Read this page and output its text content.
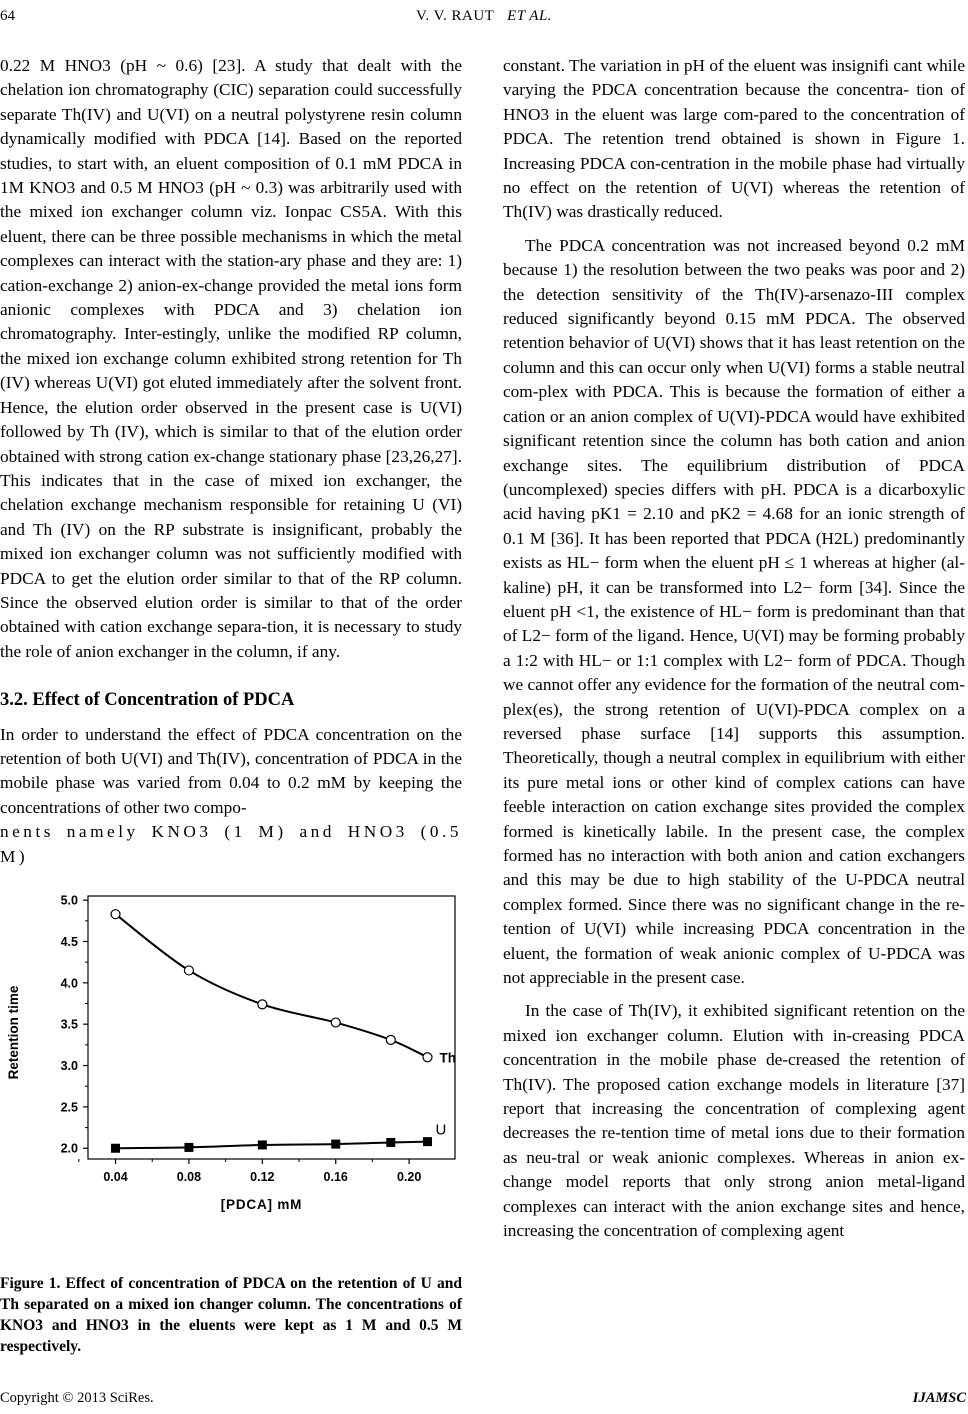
64	V. V. RAUT ET AL.

0.22 M HNO3 (pH ~ 0.6) [23]. A study that dealt with the chelation ion chromatography (CIC) separation could successfully separate Th(IV) and U(VI) on a neutral polystyrene resin column dynamically modified with PDCA [14]. Based on the reported studies, to start with, an eluent composition of 0.1 mM PDCA in 1M KNO3 and 0.5 M HNO3 (pH ~ 0.3) was arbitrarily used with the mixed ion exchanger column viz. Ionpac CS5A. With this eluent, there can be three possible mechanisms in which the metal complexes can interact with the station-ary phase and they are: 1) cation-exchange 2) anion-ex-change provided the metal ions form anionic complexes with PDCA and 3) chelation ion chromatography. Inter-estingly, unlike the modified RP column, the mixed ion exchange column exhibited strong retention for Th (IV) whereas U(VI) got eluted immediately after the solvent front. Hence, the elution order observed in the present case is U(VI) followed by Th (IV), which is similar to that of the elution order obtained with strong cation ex-change stationary phase [23,26,27]. This indicates that in the case of mixed ion exchanger, the chelation exchange mechanism responsible for retaining U (VI) and Th (IV) on the RP substrate is insignificant, probably the mixed ion exchanger column was not sufficiently modified with PDCA to get the elution order similar to that of the RP column. Since the observed elution order is similar to that of the order obtained with cation exchange separa-tion, it is necessary to study the role of anion exchanger in the column, if any.

3.2. Effect of Concentration of PDCA

In order to understand the effect of PDCA concentration on the retention of both U(VI) and Th(IV), concentration of PDCA in the mobile phase was varied from 0.04 to 0.2 mM by keeping the concentrations of other two compo-

nents namely KNO3 (1 M) and HNO3 (0.5 M)

2.0
2.5
3.0
3.5
4.0
4.5
5.0
0.04	0.08	0.12	0.16	0.20
[PDCA] mM
Retention time	Th
U
Figure 1. Effect of concentration of PDCA on the retention of U and Th separated on a mixed ion changer column. The concentrations of KNO3 and HNO3 in the eluents were kept as 1 M and 0.5 M respectively.

constant. The variation in pH of the eluent was insignifi cant while varying the PDCA concentration because the concentra- tion of HNO3 in the eluent was large com-pared to the concentration of PDCA. The retention trend obtained is shown in Figure 1. Increasing PDCA con-centration in the mobile phase had virtually no effect on the retention of U(VI) whereas the retention of Th(IV) was drastically reduced.

The PDCA concentration was not increased beyond 0.2 mM because 1) the resolution between the two peaks was poor and 2) the detection sensitivity of the Th(IV)-arsenazo-III complex reduced significantly beyond 0.15 mM PDCA. The observed retention behavior of U(VI) shows that it has least retention on the column and this can occur only when U(VI) forms a stable neutral com-plex with PDCA. This is because the formation of either a cation or an anion complex of U(VI)-PDCA would have exhibited significant retention since the column has both cation and anion exchange sites. The equilibrium distribution of PDCA (uncomplexed) species differs with pH. PDCA is a dicarboxylic acid having pK1 = 2.10 and pK2 = 4.68 for an ionic strength of 0.1 M [36]. It has been reported that PDCA (H2L) predominantly exists as HL− form when the eluent pH ≤ 1 whereas at higher (al-kaline) pH, it can be transformed into L2− form [34]. Since the eluent pH <1, the existence of HL− form is predominant than that of L2− form of the ligand. Hence, U(VI) may be forming probably a 1:2 with HL− or 1:1 complex with L2− form of PDCA. Though we cannot offer any evidence for the formation of the neutral com-plex(es), the strong retention of U(VI)-PDCA complex on a reversed phase surface [14] supports this assumption. Theoretically, though a neutral complex in equilibrium with either its pure metal ions or other kind of complex cations can have feeble interaction on cation exchange sites provided the complex formed is kinetically labile. In the present case, the complex formed has no interaction with both anion and cation exchangers and this may be due to high stability of the U-PDCA neutral complex formed. Since there was no significant change in the re-tention of U(VI) while increasing PDCA concentration in the eluent, the formation of weak anionic complex of U-PDCA was not appreciable in the present case.

In the case of Th(IV), it exhibited significant retention on the mixed ion exchanger column. Elution with in-creasing PDCA concentration in the mobile phase de-creased the retention of Th(IV). The proposed cation exchange models in literature [37] report that increasing the concentration of complexing agent decreases the re-tention time of metal ions due to their formation as neu-tral or weak anionic complexes. Whereas in anion ex-change model reports that only strong anion metal-ligand complexes can interact with the anion exchange sites and hence, increasing the concentration of complexing agent

Copyright © 2013 SciRes.	IJAMSC
